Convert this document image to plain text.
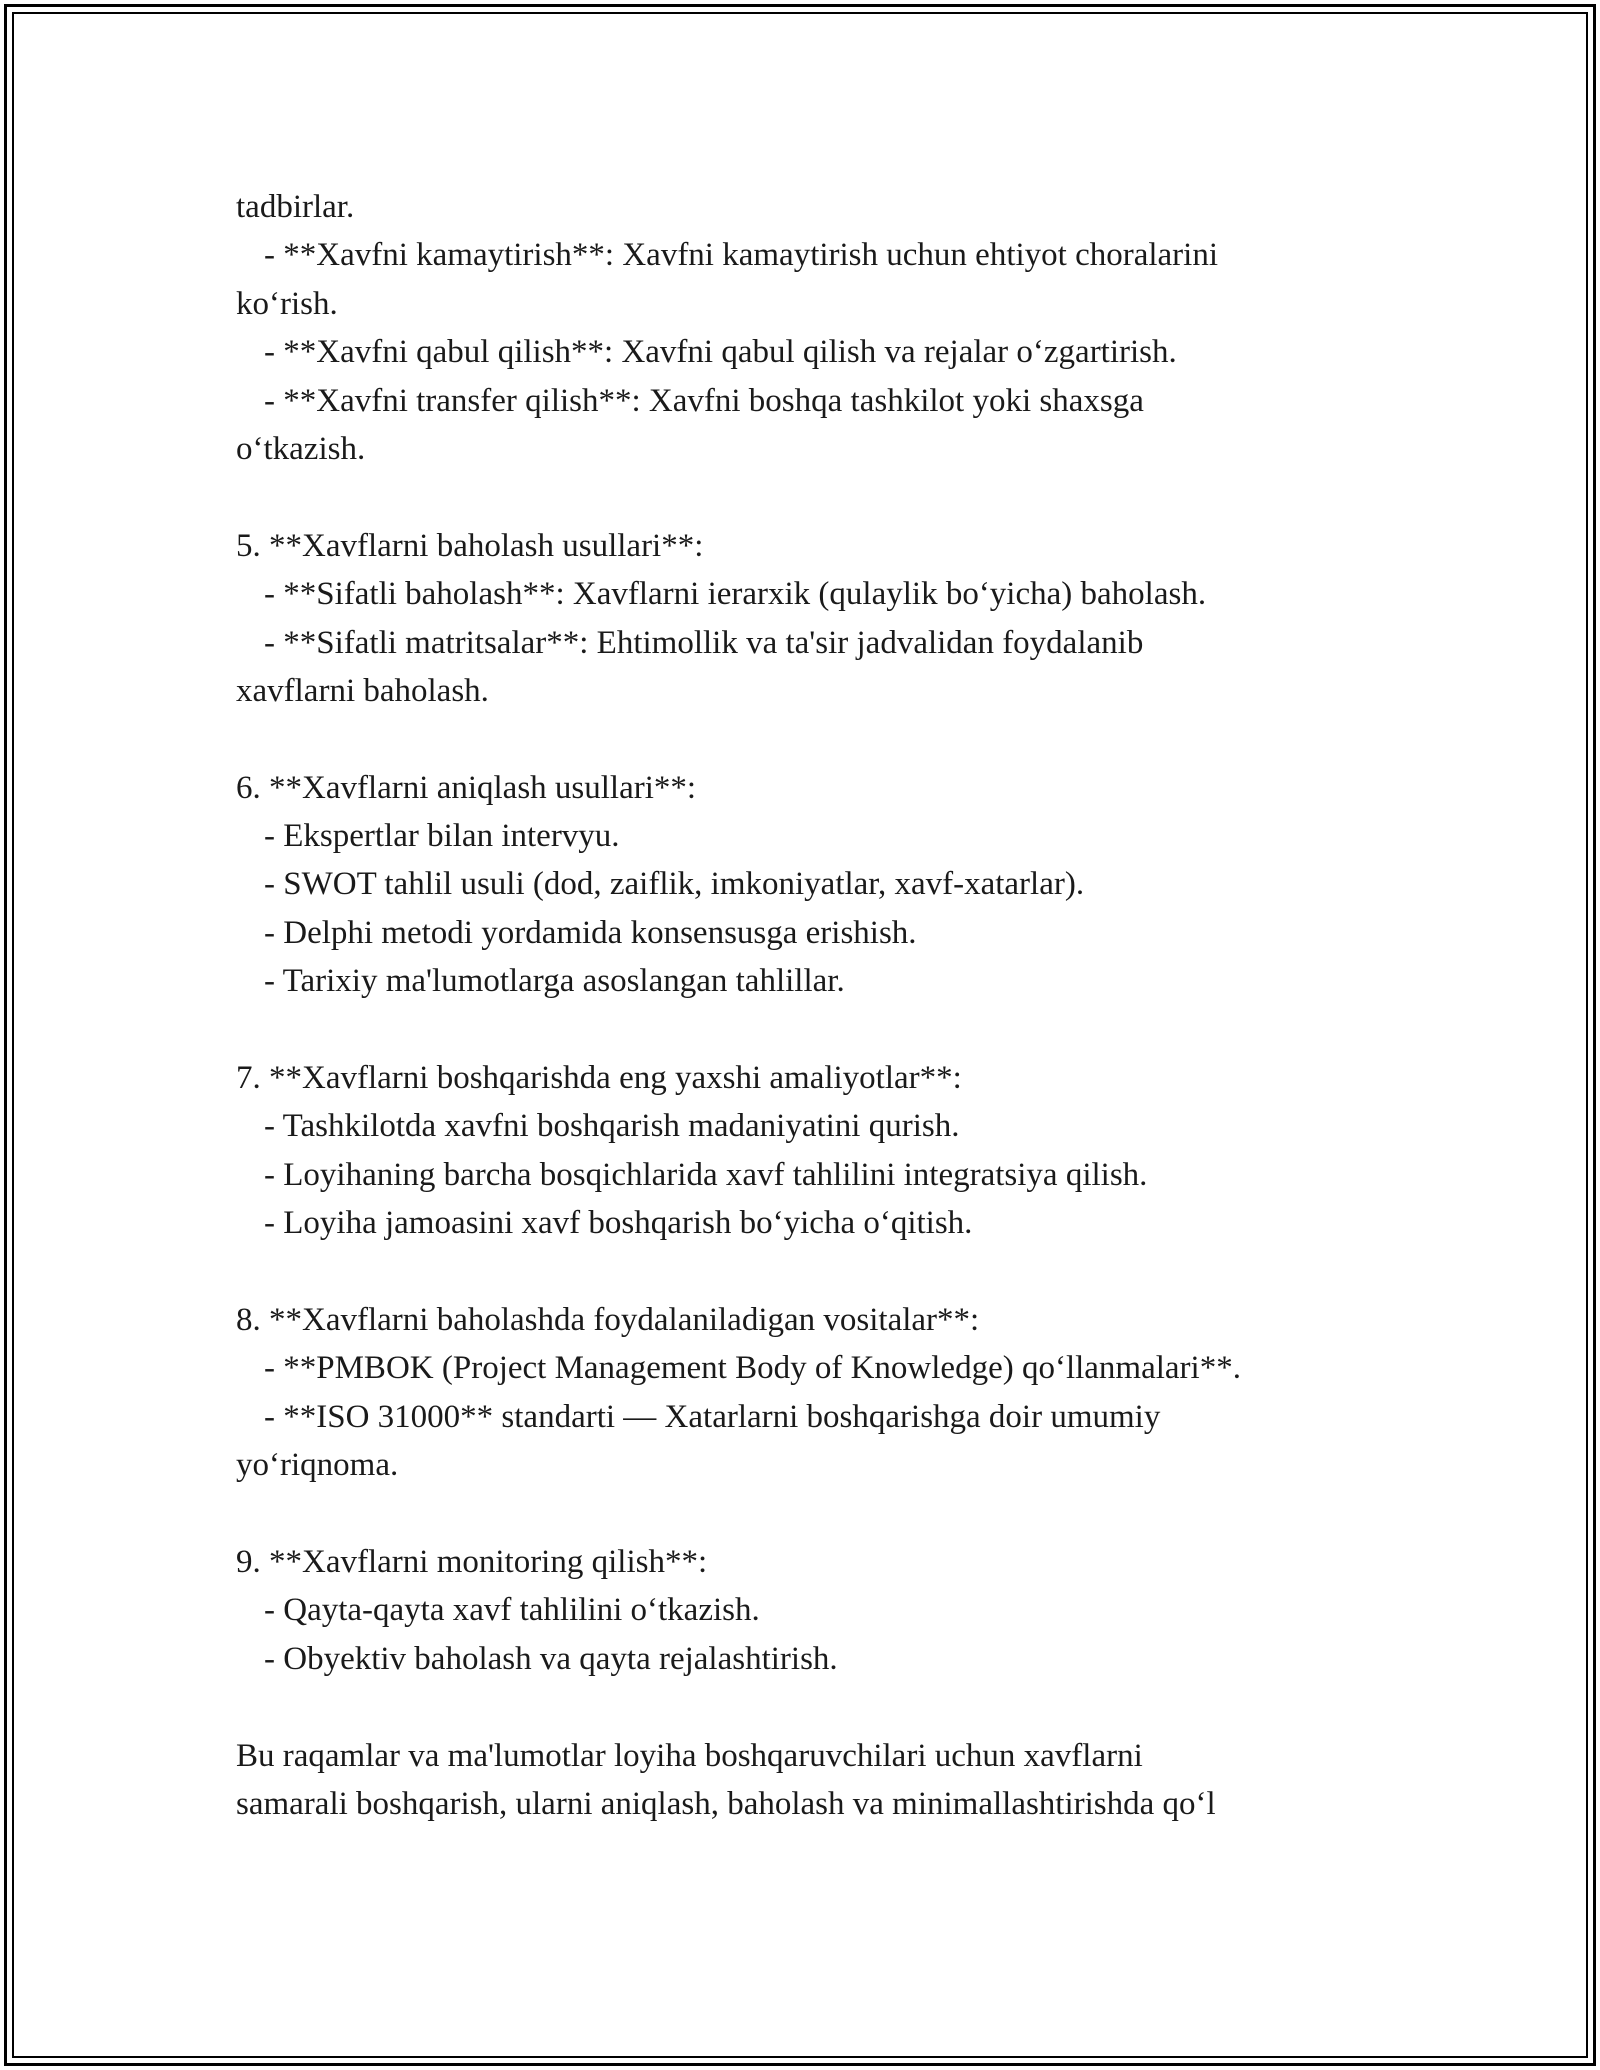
tadbirlar.
- **Xavfni kamaytirish**: Xavfni kamaytirish uchun ehtiyot choralarini
ko‘rish.
- **Xavfni qabul qilish**: Xavfni qabul qilish va rejalar o‘zgartirish.
- **Xavfni transfer qilish**: Xavfni boshqa tashkilot yoki shaxsga
o‘tkazish.
5. **Xavflarni baholash usullari**:
- **Sifatli baholash**: Xavflarni ierarxik (qulaylik bo‘yicha) baholash.
- **Sifatli matritsalar**: Ehtimollik va ta'sir jadvalidan foydalanib
xavflarni baholash.
6. **Xavflarni aniqlash usullari**:
- Ekspertlar bilan intervyu.
- SWOT tahlil usuli (dod, zaiflik, imkoniyatlar, xavf-xatarlar).
- Delphi metodi yordamida konsensusga erishish.
- Tarixiy ma'lumotlarga asoslangan tahlillar.
7. **Xavflarni boshqarishda eng yaxshi amaliyotlar**:
- Tashkilotda xavfni boshqarish madaniyatini qurish.
- Loyihaning barcha bosqichlarida xavf tahlilini integratsiya qilish.
- Loyiha jamoasini xavf boshqarish bo‘yicha o‘qitish.
8. **Xavflarni baholashda foydalaniladigan vositalar**:
- **PMBOK (Project Management Body of Knowledge) qo‘llanmalari**.
- **ISO 31000** standarti — Xatarlarni boshqarishga doir umumiy
yo‘riqnoma.
9. **Xavflarni monitoring qilish**:
- Qayta-qayta xavf tahlilini o‘tkazish.
- Obyektiv baholash va qayta rejalashtirish.
Bu raqamlar va ma'lumotlar loyiha boshqaruvchilari uchun xavflarni
samarali boshqarish, ularni aniqlash, baholash va minimallashtirishda qo‘l
